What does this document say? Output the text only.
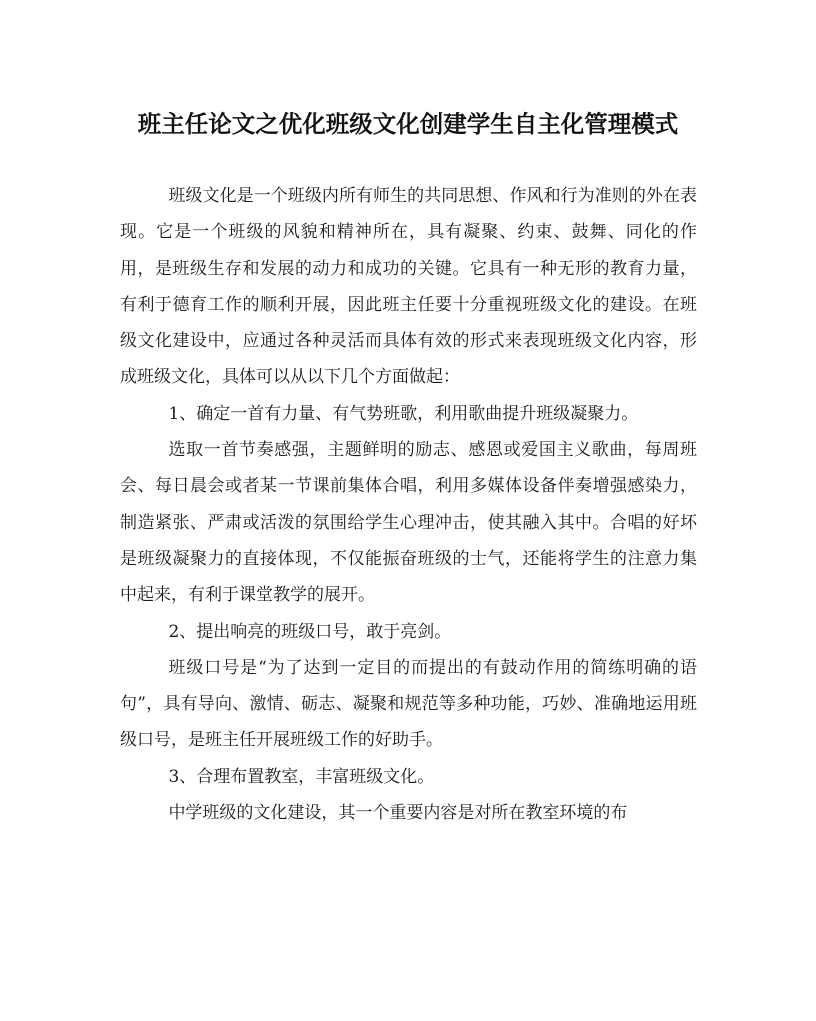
班主任论文之优化班级文化创建学生自主化管理模式

班级文化是一个班级内所有师生的共同思想、作风和行为准则的外在表现。它是一个班级的风貌和精神所在，具有凝聚、约束、鼓舞、同化的作用，是班级生存和发展的动力和成功的关键。它具有一种无形的教育力量，有利于德育工作的顺利开展，因此班主任要十分重视班级文化的建设。在班级文化建设中，应通过各种灵活而具体有效的形式来表现班级文化内容，形成班级文化，具体可以从以下几个方面做起：

1、确定一首有力量、有气势班歌，利用歌曲提升班级凝聚力。

选取一首节奏感强，主题鲜明的励志、感恩或爱国主义歌曲，每周班会、每日晨会或者某一节课前集体合唱，利用多媒体设备伴奏增强感染力，制造紧张、严肃或活泼的氛围给学生心理冲击，使其融入其中。合唱的好坏是班级凝聚力的直接体现，不仅能振奋班级的士气，还能将学生的注意力集中起来，有利于课堂教学的展开。

2、提出响亮的班级口号，敢于亮剑。

班级口号是“为了达到一定目的而提出的有鼓动作用的简练明确的语句”，具有导向、激情、砺志、凝聚和规范等多种功能，巧妙、准确地运用班级口号，是班主任开展班级工作的好助手。

3、合理布置教室，丰富班级文化。

中学班级的文化建设，其一个重要内容是对所在教室环境的布
